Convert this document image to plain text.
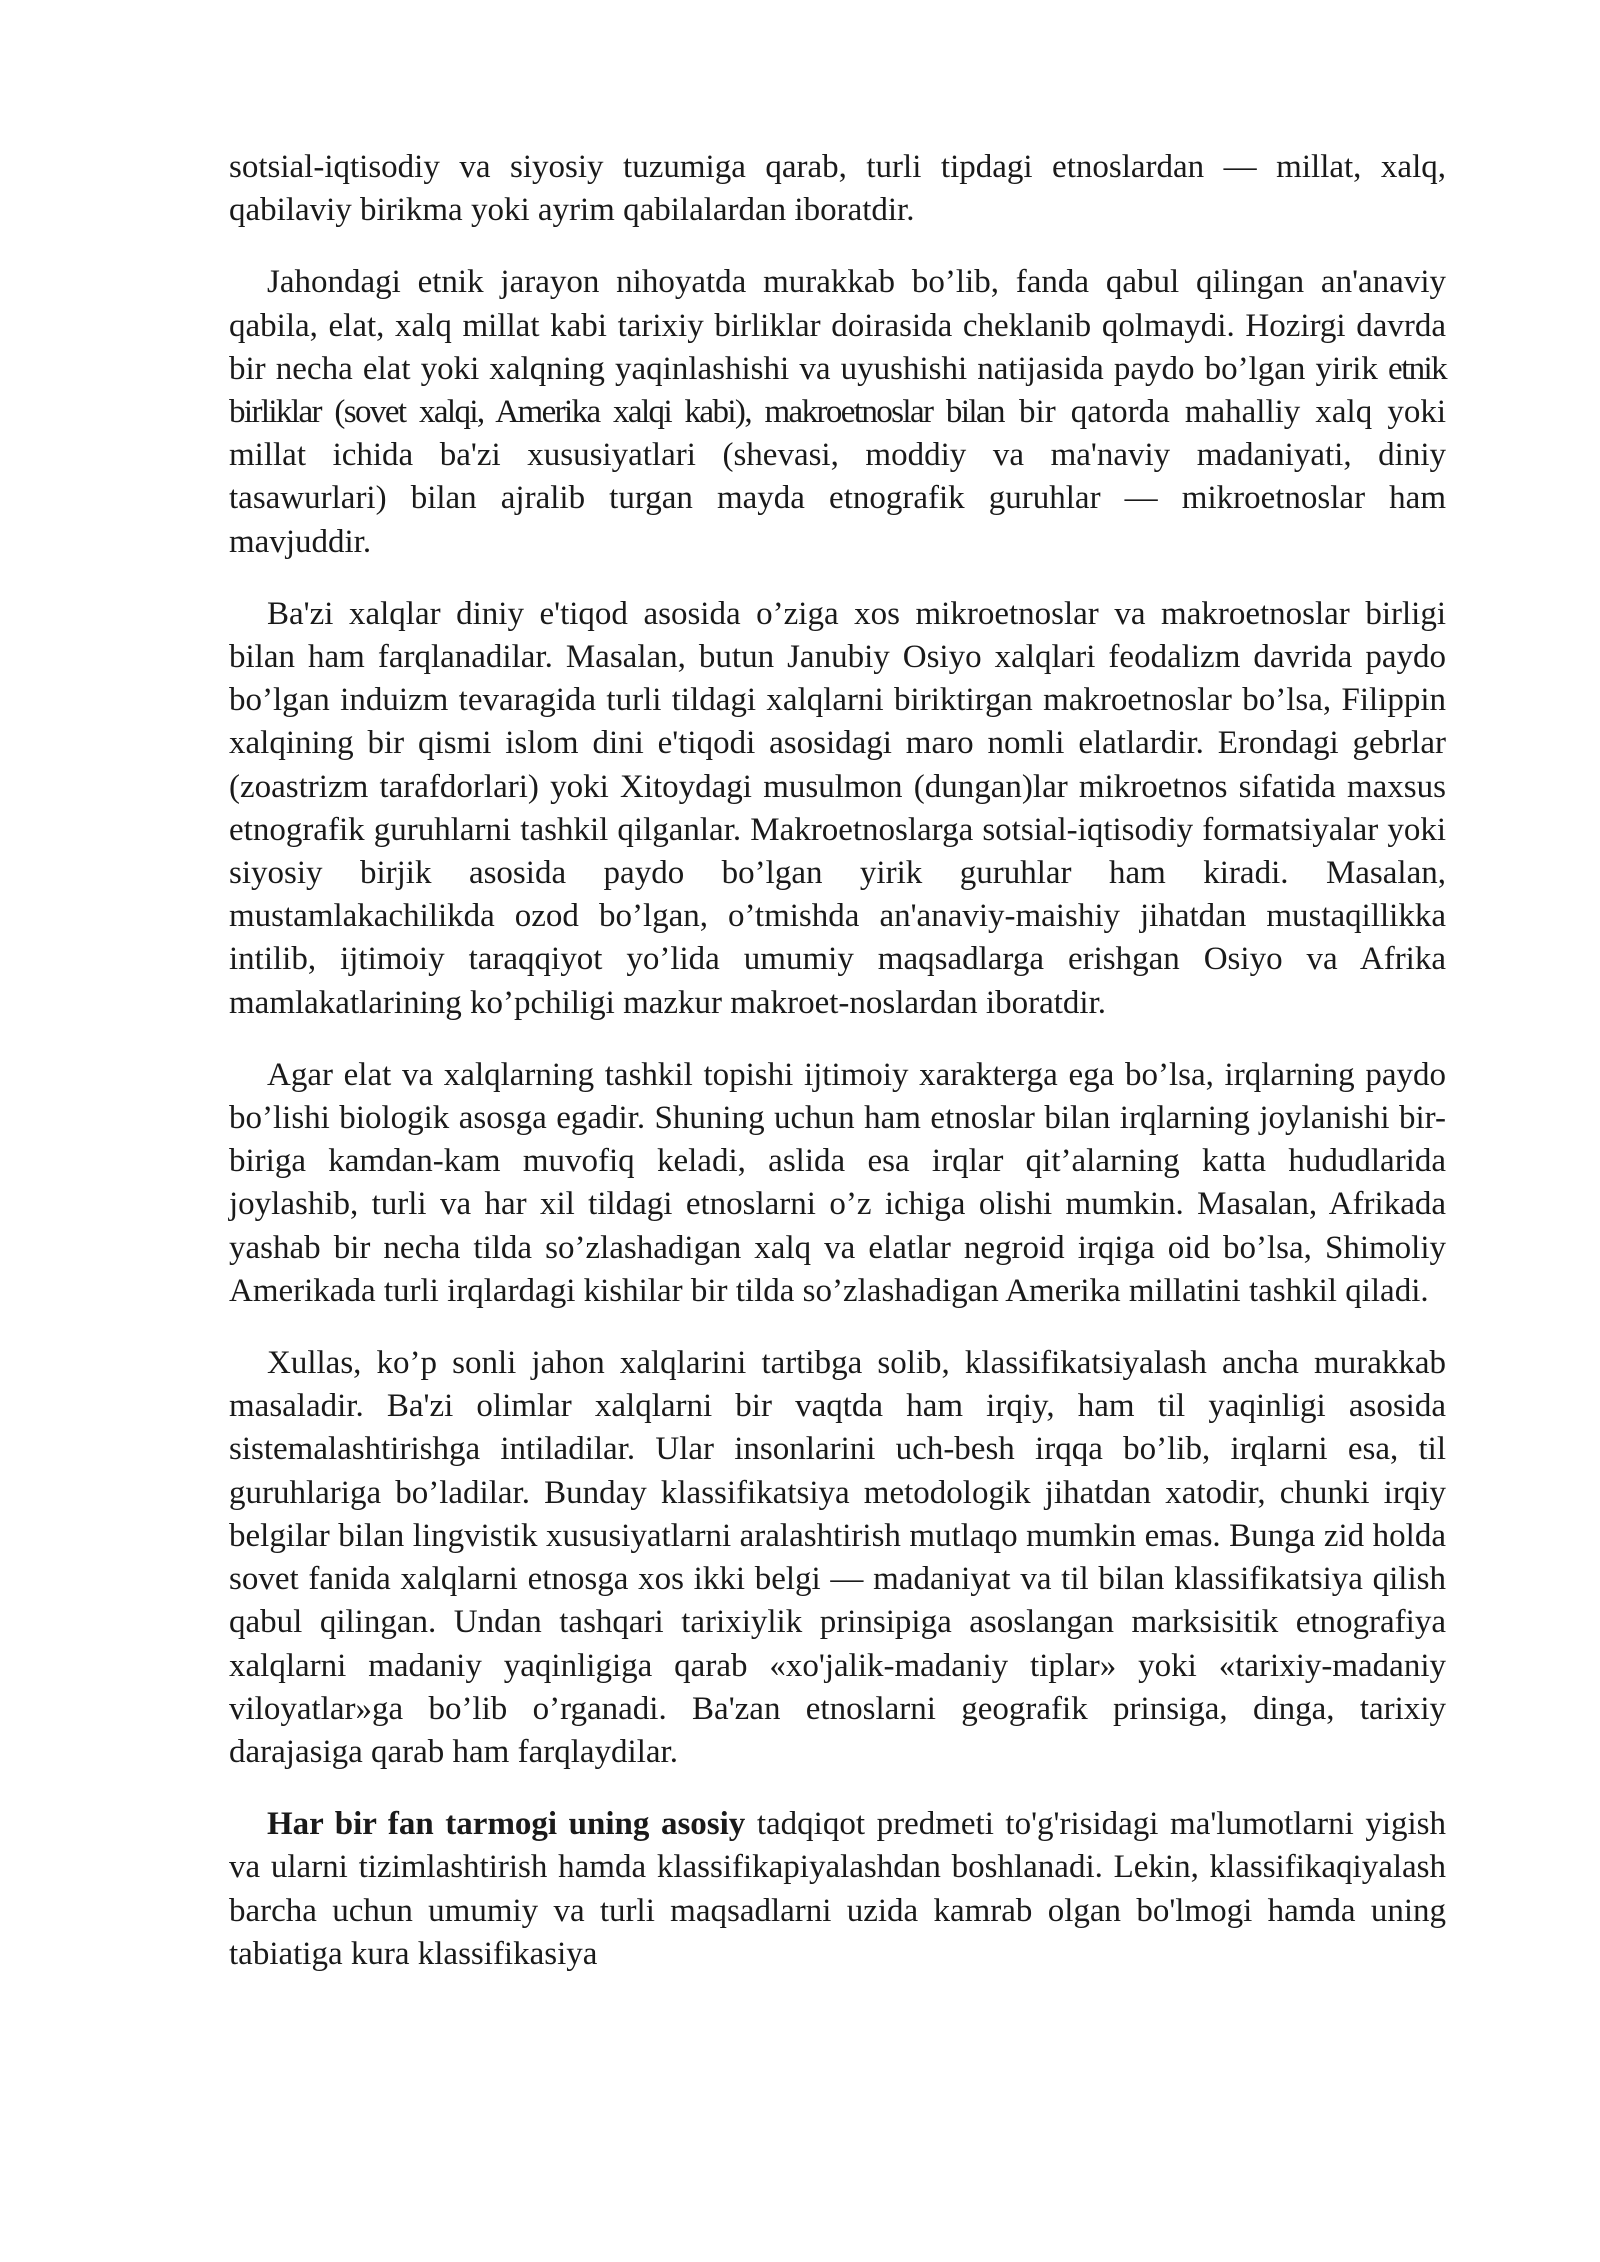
sotsial-iqtisodiy va siyosiy tuzumiga qarab, turli tipdagi etnoslardan — millat, xalq, qabilaviy birikma yoki ayrim qabilalardan iboratdir.

Jahondagi etnik jarayon nihoyatda murakkab bo’lib, fanda qabul qilingan an'anaviy qabila, elat, xalq millat kabi tarixiy birliklar doirasida cheklanib qolmaydi. Hozirgi davrda bir necha elat yoki xalqning yaqinlashishi va uyushishi natijasida paydo bo’lgan yirik etnik birliklar (sovet xalqi, Amerika xalqi kabi), makroetnoslar bilan bir qatorda mahalliy xalq yoki millat ichida ba'zi xususiyatlari (shevasi, moddiy va ma'naviy madaniyati, diniy tasawurlari) bilan ajralib turgan mayda etnografik guruhlar — mikroetnoslar ham mavjuddir.

Ba'zi xalqlar diniy e'tiqod asosida o’ziga xos mikroetnoslar va makroetnoslar birligi bilan ham farqlanadilar. Masalan, butun Janubiy Osiyo xalqlari feodalizm davrida paydo bo’lgan induizm tevaragida turli tildagi xalqlarni biriktirgan makroetnoslar bo’lsa, Filippin xalqining bir qismi islom dini e'tiqodi asosidagi maro nomli elatlardir. Erondagi gebrlar (zoastrizm tarafdorlari) yoki Xitoydagi musulmon (dungan)lar mikroetnos sifatida maxsus etnografik guruhlarni tashkil qilganlar. Makroetnoslarga sotsial-iqtisodiy formatsiyalar yoki siyosiy birjik asosida paydo bo’lgan yirik guruhlar ham kiradi. Masalan, mustamlakachilikda ozod bo’lgan, o’tmishda an'anaviy-maishiy jihatdan mustaqillikka intilib, ijtimoiy taraqqiyot yo’lida umumiy maqsadlarga erishgan Osiyo va Afrika mamlakatlarining ko’pchiligi mazkur makroet-noslardan iboratdir.

Agar elat va xalqlarning tashkil topishi ijtimoiy xarakterga ega bo’lsa, irqlarning paydo bo’lishi biologik asosga egadir. Shuning uchun ham etnoslar bilan irqlarning joylanishi bir-biriga kamdan-kam muvofiq keladi, aslida esa irqlar qit’alarning katta hududlarida joylashib, turli va har xil tildagi etnoslarni o’z ichiga olishi mumkin. Masalan, Afrikada yashab bir necha tilda so’zlashadigan xalq va elatlar negroid irqiga oid bo’lsa, Shimoliy Amerikada turli irqlardagi kishilar bir tilda so’zlashadigan Amerika millatini tashkil qiladi.

Xullas, ko’p sonli jahon xalqlarini tartibga solib, klassifikatsiyalash ancha murakkab masaladir. Ba'zi olimlar xalqlarni bir vaqtda ham irqiy, ham til yaqinligi asosida sistemalashtirishga intiladilar. Ular insonlarini uch-besh irqqa bo’lib, irqlarni esa, til guruhlariga bo’ladilar. Bunday klassifikatsiya metodologik jihatdan xatodir, chunki irqiy belgilar bilan lingvistik xususiyatlarni aralashtirish mutlaqo mumkin emas. Bunga zid holda sovet fanida xalqlarni etnosga xos ikki belgi — madaniyat va til bilan klassifikatsiya qilish qabul qilingan. Undan tashqari tarixiylik prinsipiga asoslangan marksisitik etnografiya xalqlarni madaniy yaqinligiga qarab «xo'jalik-madaniy tiplar» yoki «tarixiy-madaniy viloyatlar»ga bo’lib o’rganadi. Ba'zan etnoslarni geografik prinsiga, dinga, tarixiy darajasiga qarab ham farqlaydilar.

Har bir fan tarmogi uning asosiy tadqiqot predmeti to'g'risidagi ma'lumotlarni yigish va ularni tizimlashtirish hamda klassifikapiyalashdan boshlanadi. Lekin, klassifikaqiyalash barcha uchun umumiy va turli maqsadlarni uzida kamrab olgan bo'lmogi hamda uning tabiatiga kura klassifikasiya
